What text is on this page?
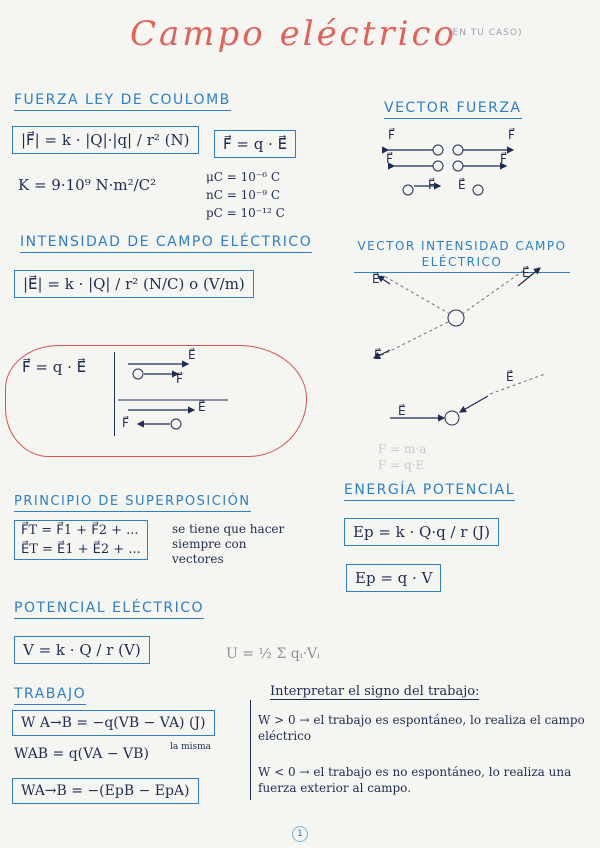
Campo eléctrico
(EN TU CASO)
FUERZA LEY DE COULOMB
|F⃗| = k · |Q|·|q| / r² (N)	F⃗ = q · E⃗
K = 9·10⁹ N·m²/C²	μC = 10⁻⁶ C
nC = 10⁻⁹ C
pC = 10⁻¹² C
VECTOR FUERZA
F⃗	F⃗
F⃗	F⃗
F⃗ E⃗
INTENSIDAD DE CAMPO ELÉCTRICO
|E⃗| = k · |Q| / r² (N/C) o (V/m)
VECTOR INTENSIDAD CAMPO ELÉCTRICO
E⃗	E⃗
E⃗
E⃗
E⃗
F = m·a
F = q·E
F⃗ = q · E⃗
E⃗
F⃗
E⃗
F⃗
PRINCIPIO DE SUPERPOSICIÓN
F⃗T = F⃗1 + F⃗2 + ...
E⃗T = E⃗1 + E⃗2 + ...
se tiene que hacer siempre con vectores
ENERGÍA POTENCIAL
Ep = k · Q·q / r (J)
Ep = q · V
POTENCIAL ELÉCTRICO
V = k · Q / r (V)	U = ½ Σ qᵢ·Vᵢ
TRABAJO
W A→B = −q(VB − VA) (J)
WAB = q(VA − VB) la misma
WA→B = −(EpB − EpA)
Interpretar el signo del trabajo:
W > 0 → el trabajo es espontáneo, lo realiza el campo eléctrico
W < 0 → el trabajo es no espontáneo, lo realiza una fuerza exterior al campo.
1
